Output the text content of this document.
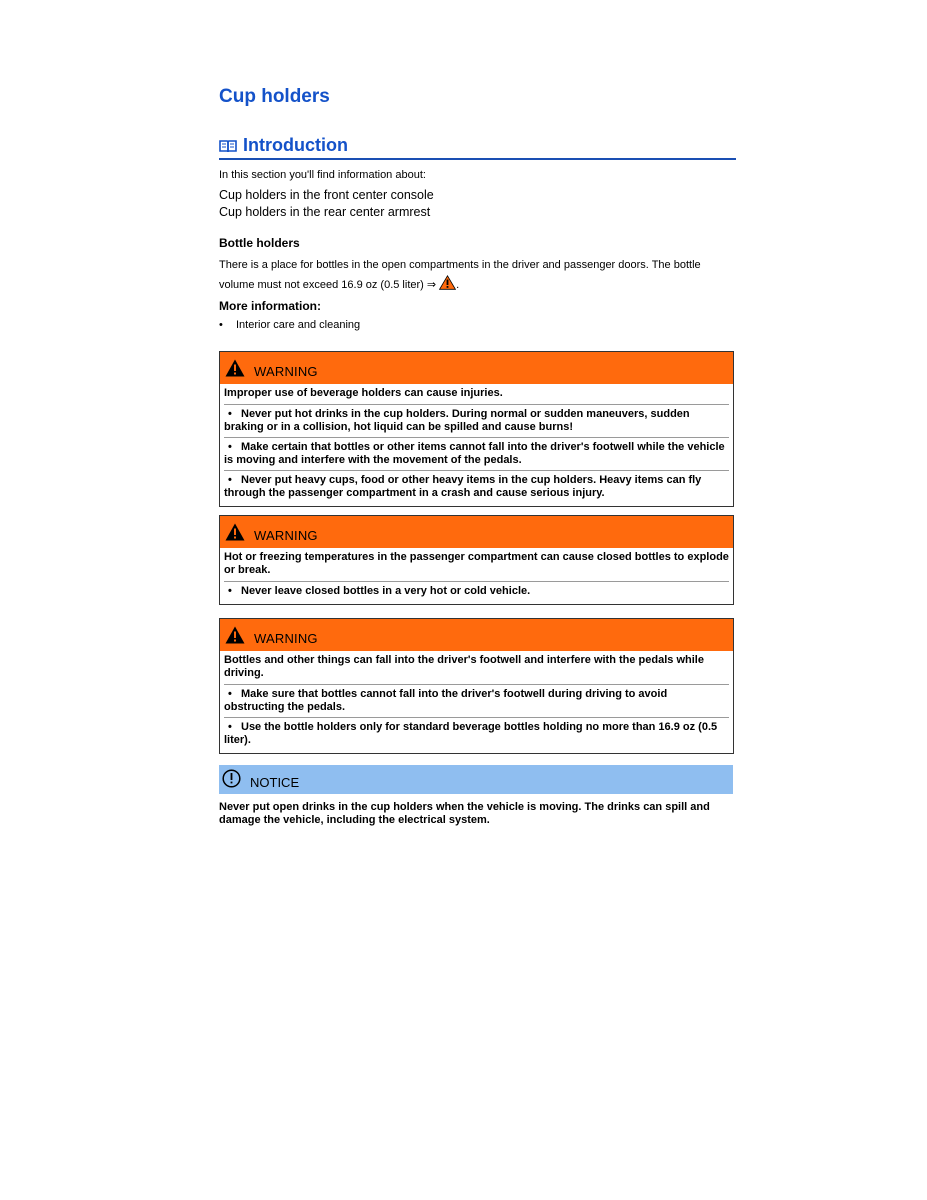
Cup holders
Introduction
In this section you'll find information about:
Cup holders in the front center console
Cup holders in the rear center armrest
Bottle holders
There is a place for bottles in the open compartments in the driver and passenger doors. The bottle volume must not exceed 16.9 oz (0.5 liter) ⇒ .
More information:
•	Interior care and cleaning
WARNING
Improper use of beverage holders can cause injuries.
• Never put hot drinks in the cup holders. During normal or sudden maneuvers, sudden braking or in a collision, hot liquid can be spilled and cause burns!
• Make certain that bottles or other items cannot fall into the driver's footwell while the vehicle is moving and interfere with the movement of the pedals.
• Never put heavy cups, food or other heavy items in the cup holders. Heavy items can fly through the passenger compartment in a crash and cause serious injury.
WARNING
Hot or freezing temperatures in the passenger compartment can cause closed bottles to explode or break.
• Never leave closed bottles in a very hot or cold vehicle.
WARNING
Bottles and other things can fall into the driver's footwell and interfere with the pedals while driving.
• Make sure that bottles cannot fall into the driver's footwell during driving to avoid obstructing the pedals.
• Use the bottle holders only for standard beverage bottles holding no more than 16.9 oz (0.5 liter).
NOTICE
Never put open drinks in the cup holders when the vehicle is moving. The drinks can spill and damage the vehicle, including the electrical system.
